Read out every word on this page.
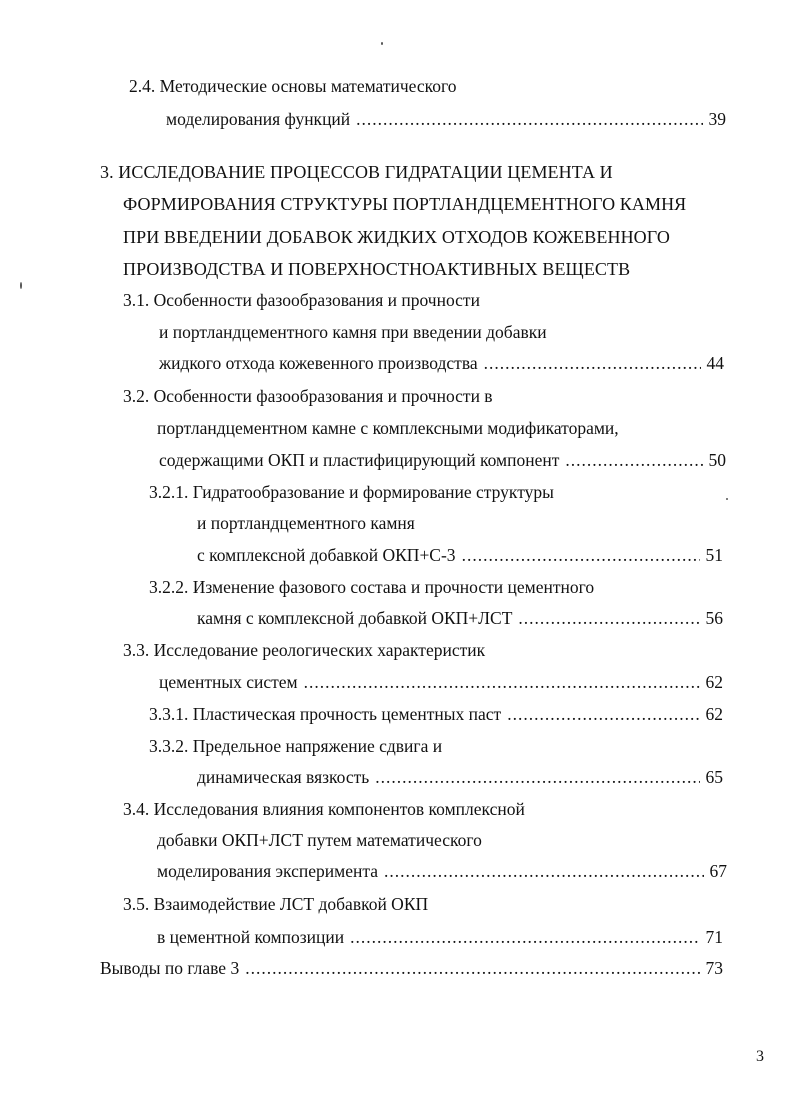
2.4. Методические основы математического
моделирования функций .....	39
3. ИССЛЕДОВАНИЕ ПРОЦЕССОВ ГИДРАТАЦИИ ЦЕМЕНТА И
ФОРМИРОВАНИЯ СТРУКТУРЫ ПОРТЛАНДЦЕМЕНТНОГО КАМНЯ
ПРИ ВВЕДЕНИИ ДОБАВОК ЖИДКИХ ОТХОДОВ КОЖЕВЕННОГО
ПРОИЗВОДСТВА И ПОВЕРХНОСТНОАКТИВНЫХ ВЕЩЕСТВ
3.1. Особенности фазообразования и прочности
и портландцементного камня при введении добавки
жидкого отхода кожевенного производства .....	44
3.2. Особенности фазообразования и прочности в
портландцементном камне с комплексными модификаторами,
содержащими ОКП и пластифицирующий компонент .....	50
3.2.1. Гидратообразование и формирование структуры
и портландцементного камня
с комплексной добавкой ОКП+С-3 .....	51
3.2.2. Изменение фазового состава и прочности цементного
камня с комплексной добавкой ОКП+ЛСТ .....	56
3.3. Исследование реологических характеристик
цементных систем .....	62
3.3.1. Пластическая прочность цементных паст .....	62
3.3.2. Предельное напряжение сдвига и
динамическая вязкость .....	65
3.4. Исследования влияния компонентов комплексной
добавки ОКП+ЛСТ путем математического
моделирования эксперимента .....	67
3.5. Взаимодействие ЛСТ добавкой ОКП
в цементной композиции .....	71
Выводы по главе 3 .....	73
3
